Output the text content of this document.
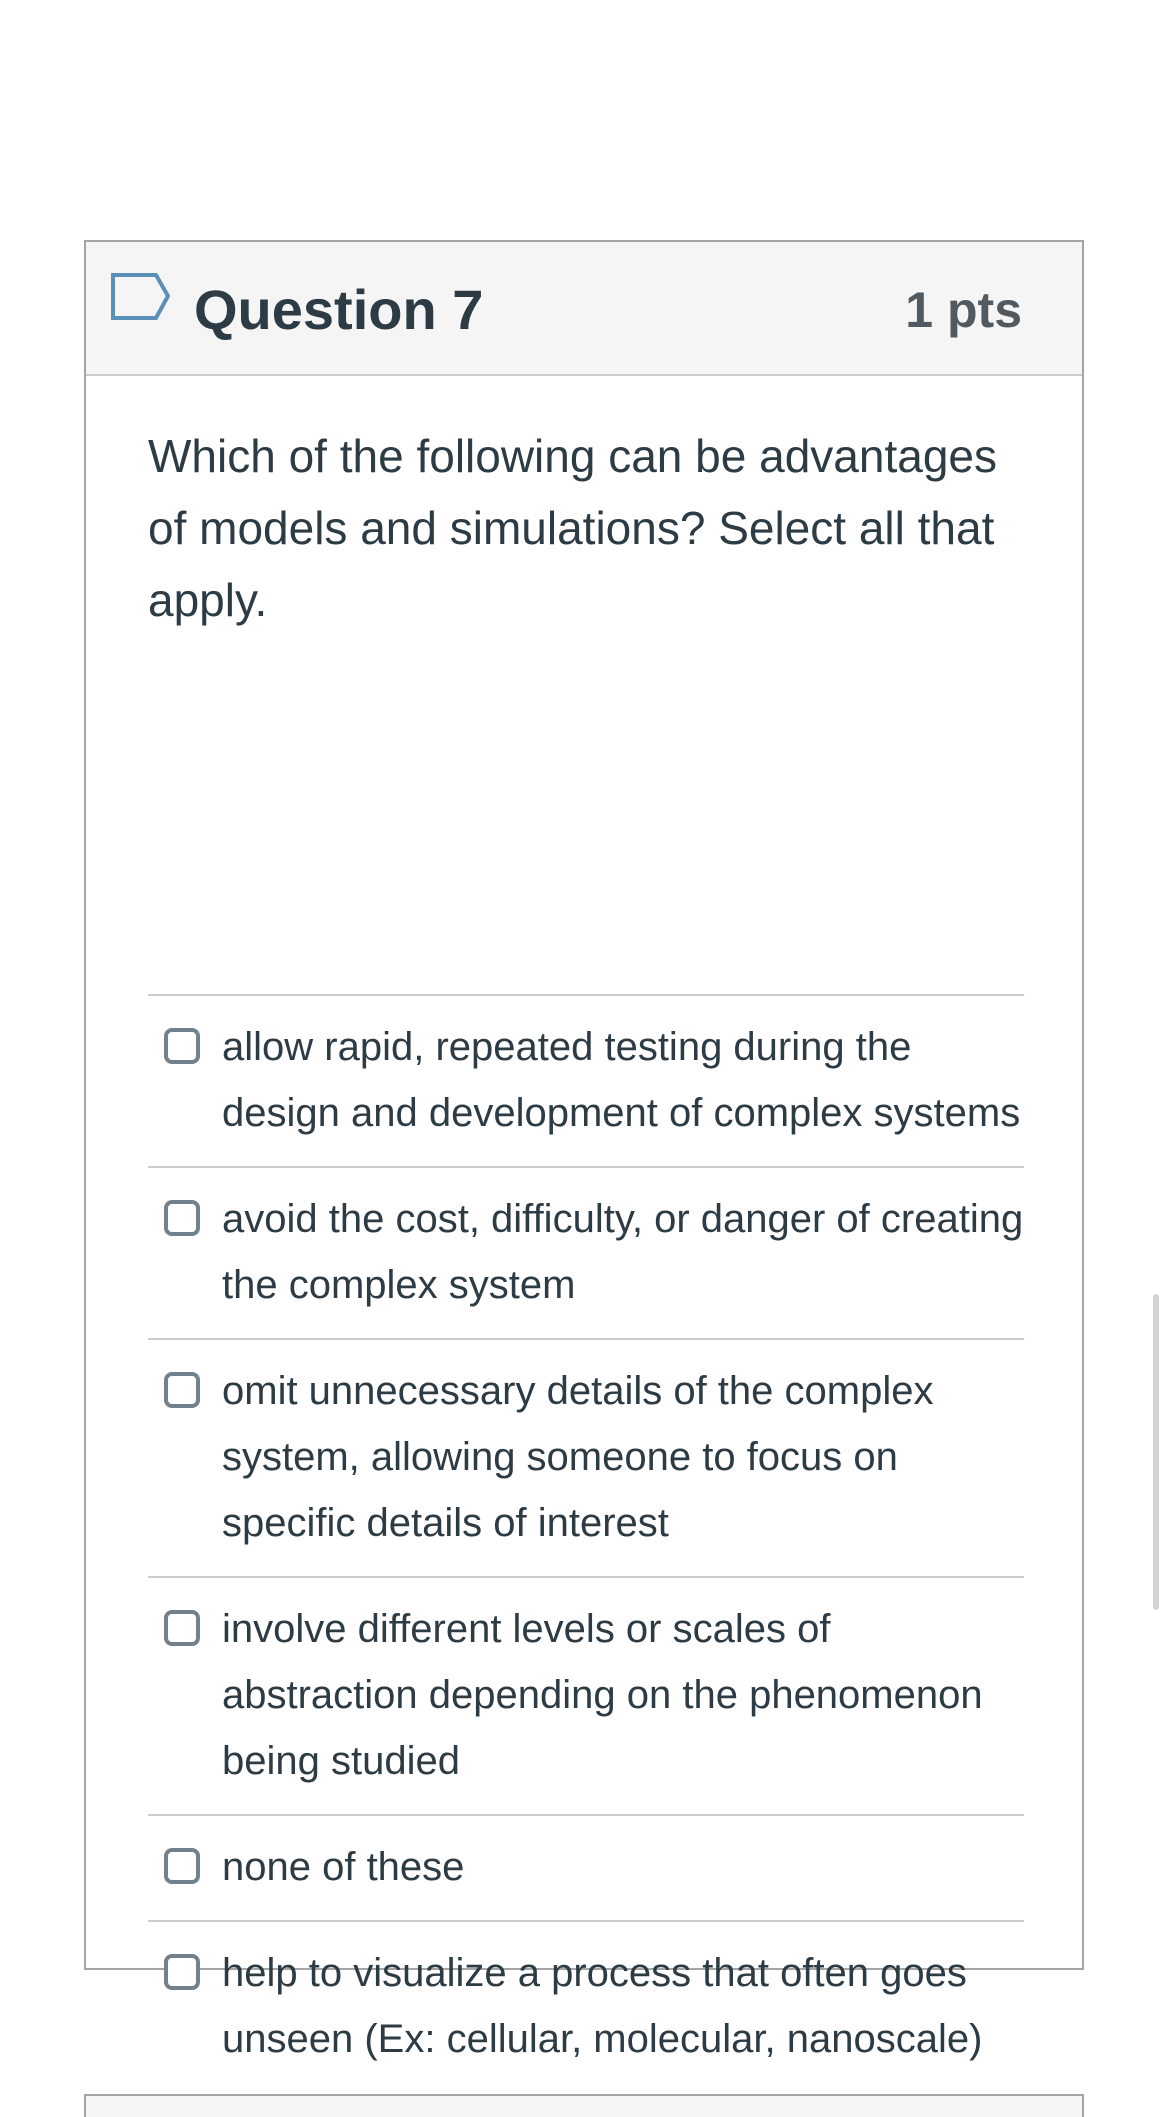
Question 7	1 pts

Which of the following can be advantages of models and simulations? Select all that apply.

allow rapid, repeated testing during the design and development of complex systems
avoid the cost, difficulty, or danger of creating the complex system
omit unnecessary details of the complex system, allowing someone to focus on specific details of interest
involve different levels or scales of abstraction depending on the phenomenon being studied
none of these
help to visualize a process that often goes unseen (Ex: cellular, molecular, nanoscale)
